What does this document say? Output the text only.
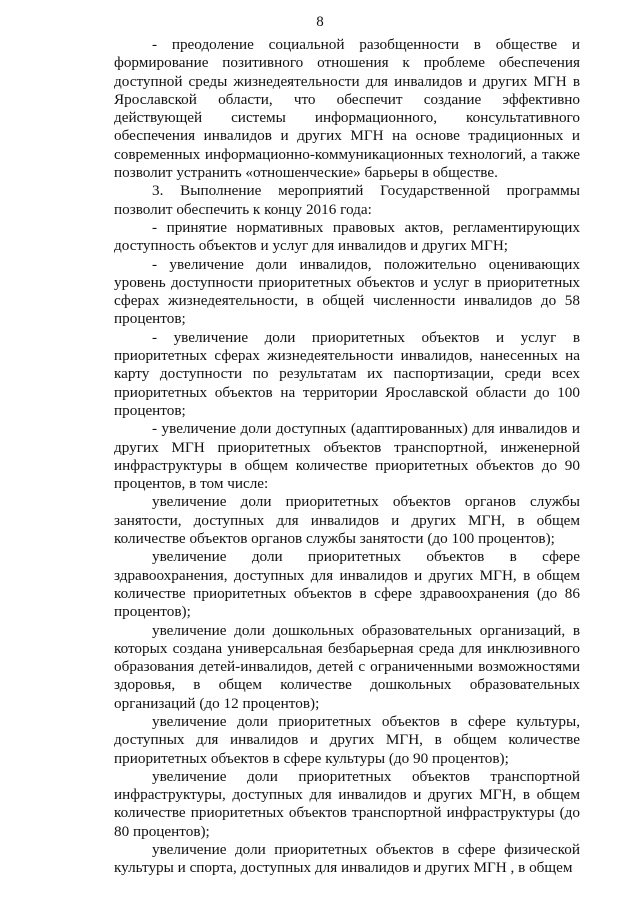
8

- преодоление социальной разобщенности в обществе и формирование позитивного отношения к проблеме обеспечения доступной среды жизнедеятельности для инвалидов и других МГН в Ярославской области, что обеспечит создание эффективно действующей системы информационного, консультативного обеспечения инвалидов и других МГН на основе традиционных и современных информационно-коммуникационных технологий, а также позволит устранить «отношенческие» барьеры в обществе.

3. Выполнение мероприятий Государственной программы позволит обеспечить к концу 2016 года:

- принятие нормативных правовых актов, регламентирующих доступность объектов и услуг для инвалидов и других МГН;

- увеличение доли инвалидов, положительно оценивающих уровень доступности приоритетных объектов и услуг в приоритетных сферах жизнедеятельности, в общей численности инвалидов до 58 процентов;

- увеличение доли приоритетных объектов и услуг в приоритетных сферах жизнедеятельности инвалидов, нанесенных на карту доступности по результатам их паспортизации, среди всех приоритетных объектов на территории Ярославской области до 100 процентов;

- увеличение доли доступных (адаптированных) для инвалидов и других МГН приоритетных объектов транспортной, инженерной инфраструктуры в общем количестве приоритетных объектов до 90 процентов, в том числе:

увеличение доли приоритетных объектов органов службы занятости, доступных для инвалидов и других МГН, в общем количестве объектов органов службы занятости (до 100 процентов);

увеличение доли приоритетных объектов в сфере здравоохранения, доступных для инвалидов и других МГН, в общем количестве приоритетных объектов в сфере здравоохранения (до 86 процентов);

увеличение доли дошкольных образовательных организаций, в которых создана универсальная безбарьерная среда для инклюзивного образования детей-инвалидов, детей с ограниченными возможностями здоровья, в общем количестве дошкольных образовательных организаций (до 12 процентов);

увеличение доли приоритетных объектов в сфере культуры, доступных для инвалидов и других МГН, в общем количестве приоритетных объектов в сфере культуры (до 90 процентов);

увеличение доли приоритетных объектов транспортной инфраструктуры, доступных для инвалидов и других МГН, в общем количестве приоритетных объектов транспортной инфраструктуры (до 80 процентов);

увеличение доли приоритетных объектов в сфере физической культуры и спорта, доступных для инвалидов и других МГН , в общем
